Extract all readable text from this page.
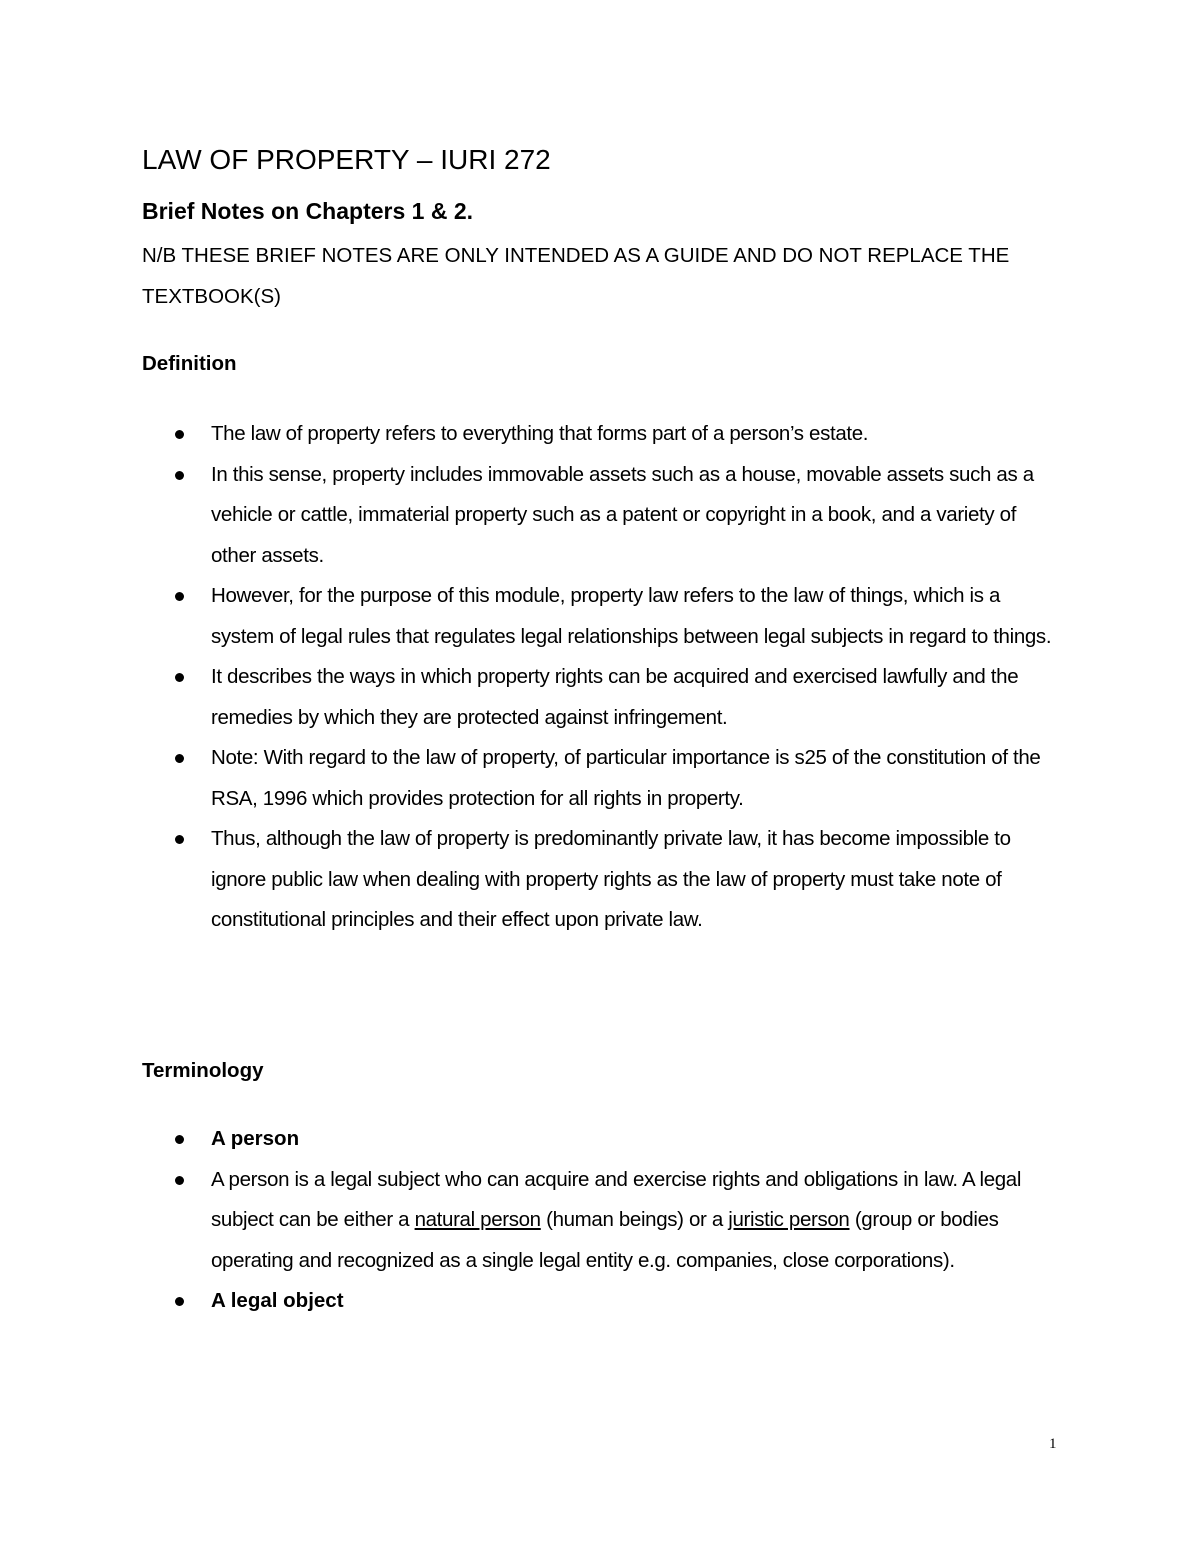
LAW OF PROPERTY – IURI 272
Brief Notes on Chapters 1 & 2.

N/B THESE BRIEF NOTES ARE ONLY INTENDED AS A GUIDE AND DO NOT REPLACE THE TEXTBOOK(S)

Definition
The law of property refers to everything that forms part of a person’s estate.
In this sense, property includes immovable assets such as a house, movable assets such as a vehicle or cattle, immaterial property such as a patent or copyright in a book, and a variety of other assets.
However, for the purpose of this module, property law refers to the law of things, which is a system of legal rules that regulates legal relationships between legal subjects in regard to things.
It describes the ways in which property rights can be acquired and exercised lawfully and the remedies by which they are protected against infringement.
Note: With regard to the law of property, of particular importance is s25 of the constitution of the RSA, 1996 which provides protection for all rights in property.
Thus, although the law of property is predominantly private law, it has become impossible to ignore public law when dealing with property rights as the law of property must take note of constitutional principles and their effect upon private law.
Terminology
A person
A person is a legal subject who can acquire and exercise rights and obligations in law. A legal subject can be either a natural person (human beings) or a juristic person (group or bodies operating and recognized as a single legal entity e.g. companies, close corporations).
A legal object
1
